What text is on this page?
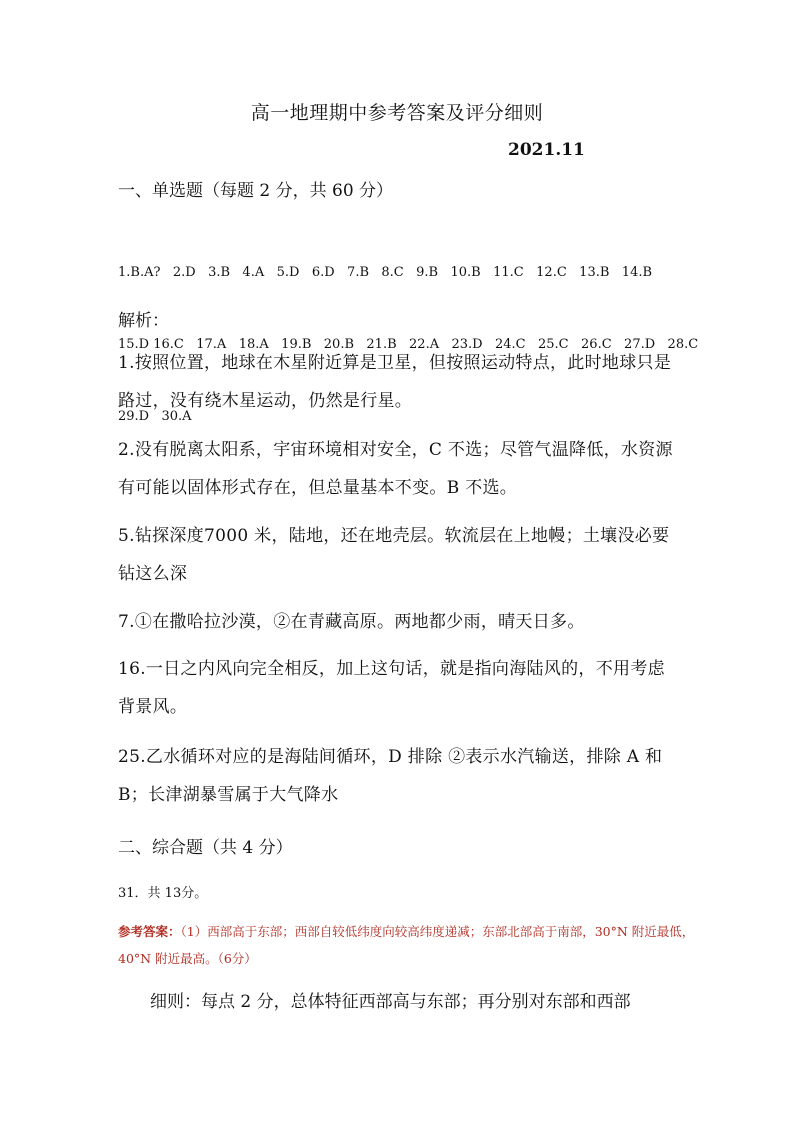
高一地理期中参考答案及评分细则
2021.11
一、单选题（每题 2 分，共 60 分）

1.B.A?   2.D   3.B   4.A   5.D   6.D   7.B   8.C   9.B   10.B   11.C   12.C   13.B   14.B

15.D 16.C   17.A   18.A   19.B   20.B   21.B   22.A   23.D   24.C   25.C   26.C   27.D   28.C

29.D   30.A

解析：
1.按照位置，地球在木星附近算是卫星，但按照运动特点，此时地球只是路过，没有绕木星运动，仍然是行星。
2.没有脱离太阳系，宇宙环境相对安全，C 不选；尽管气温降低，水资源有可能以固体形式存在，但总量基本不变。B 不选。
5.钻探深度7000 米，陆地，还在地壳层。软流层在上地幔；土壤没必要钻这么深
7.①在撒哈拉沙漠，②在青藏高原。两地都少雨，晴天日多。
16.一日之内风向完全相反，加上这句话，就是指向海陆风的，不用考虑背景风。
25.乙水循环对应的是海陆间循环，D 排除 ②表示水汽输送，排除 A 和 B；长津湖暴雪属于大气降水
二、综合题（共 4 分）
31．共 13分。
参考答案：（1）西部高于东部；西部自较低纬度向较高纬度递减；东部北部高于南部，30°N 附近最低，40°N 附近最高。（6分）
细则：每点 2 分，总体特征西部高与东部；再分别对东部和西部
